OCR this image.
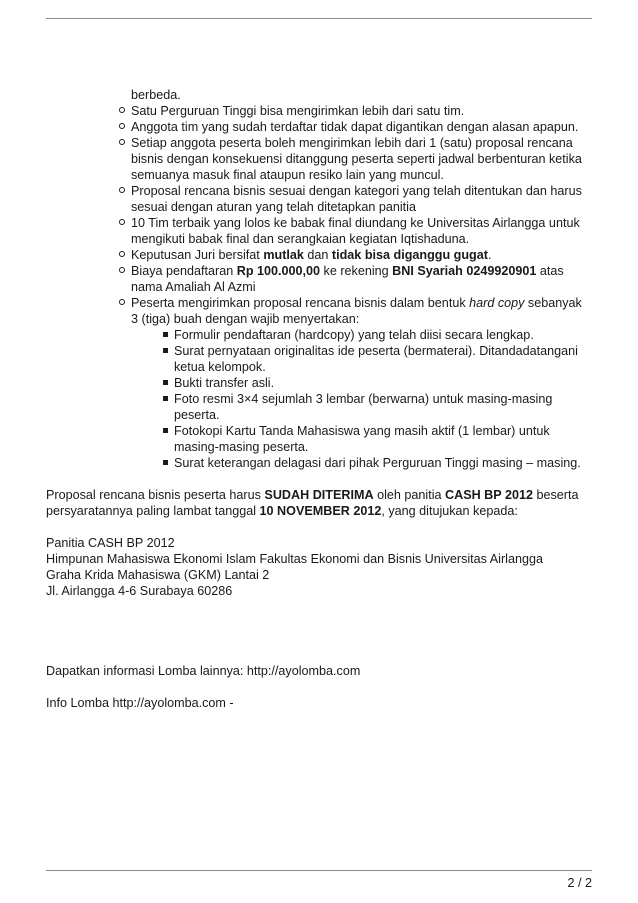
berbeda.
Satu Perguruan Tinggi bisa mengirimkan lebih dari satu tim.
Anggota tim yang sudah terdaftar tidak dapat digantikan dengan alasan apapun.
Setiap anggota peserta boleh mengirimkan lebih dari 1 (satu) proposal rencana bisnis dengan konsekuensi ditanggung peserta seperti jadwal berbenturan ketika semuanya masuk final ataupun resiko lain yang muncul.
Proposal rencana bisnis sesuai dengan kategori yang telah ditentukan dan harus sesuai dengan aturan yang telah ditetapkan panitia
10 Tim terbaik yang lolos ke babak final diundang ke Universitas Airlangga untuk mengikuti babak final dan serangkaian kegiatan Iqtishaduna.
Keputusan Juri bersifat mutlak dan tidak bisa diganggu gugat.
Biaya pendaftaran Rp 100.000,00 ke rekening BNI Syariah 0249920901 atas nama Amaliah Al Azmi
Peserta mengirimkan proposal rencana bisnis dalam bentuk hard copy sebanyak 3 (tiga) buah dengan wajib menyertakan:
Formulir pendaftaran (hardcopy) yang telah diisi secara lengkap.
Surat pernyataan originalitas ide peserta (bermaterai). Ditandadatangani ketua kelompok.
Bukti transfer asli.
Foto resmi 3×4 sejumlah 3 lembar (berwarna) untuk masing-masing peserta.
Fotokopi Kartu Tanda Mahasiswa yang masih aktif (1 lembar) untuk masing-masing peserta.
Surat keterangan delagasi dari pihak Perguruan Tinggi masing – masing.
Proposal rencana bisnis peserta harus SUDAH DITERIMA oleh panitia CASH BP 2012 beserta persyaratannya paling lambat tanggal 10 NOVEMBER 2012, yang ditujukan kepada:
Panitia CASH BP 2012
Himpunan Mahasiswa Ekonomi Islam Fakultas Ekonomi dan Bisnis Universitas Airlangga
Graha Krida Mahasiswa (GKM) Lantai 2
Jl. Airlangga 4-6 Surabaya 60286
Dapatkan informasi Lomba lainnya: http://ayolomba.com
Info Lomba http://ayolomba.com -
2 / 2
